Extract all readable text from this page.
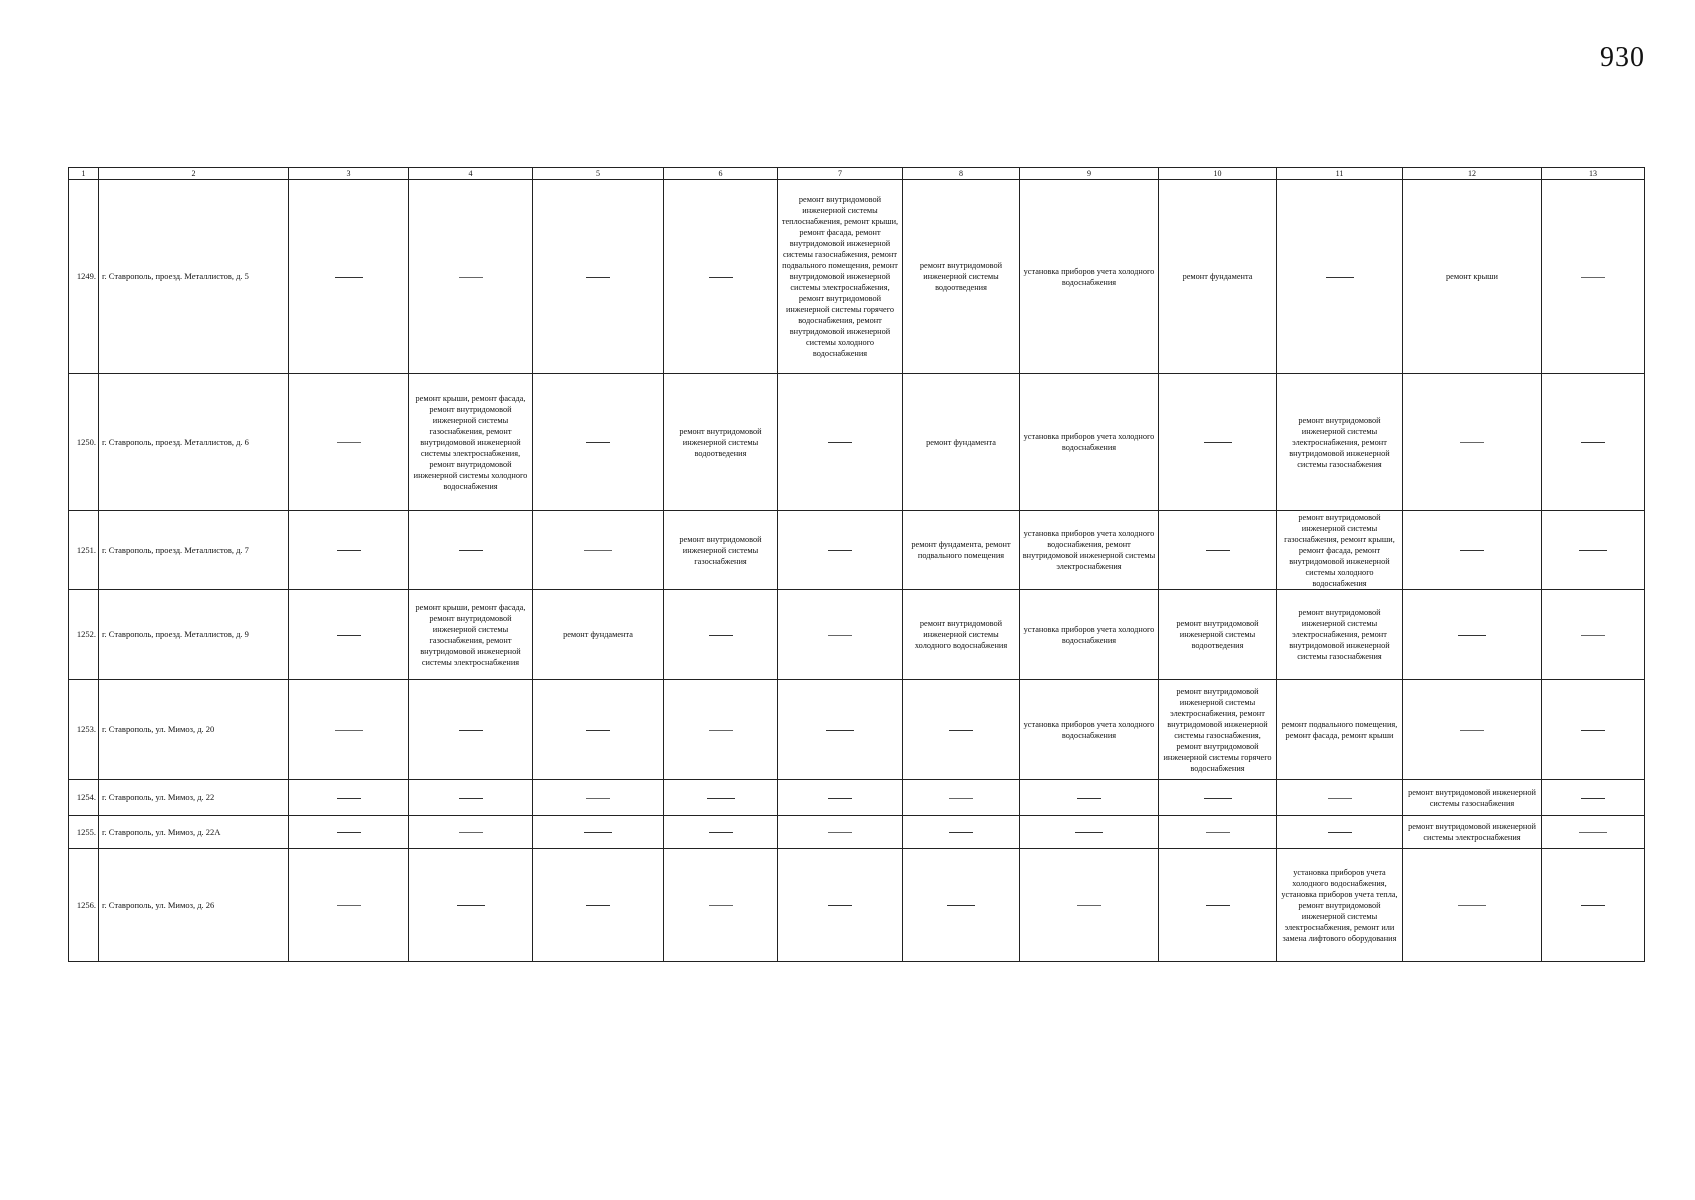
930
1	2	3	4	5	6	7	8	9	10	11	12	13
1249.	г. Ставрополь, проезд. Металлистов, д. 5					ремонт внутридомовой инженерной системы теплоснабжения, ремонт крыши, ремонт фасада, ремонт внутридомовой инженерной системы газоснабжения, ремонт подвального помещения, ремонт внутридомовой инженерной системы электроснабжения, ремонт внутридомовой инженерной системы горячего водоснабжения, ремонт внутридомовой инженерной системы холодного водоснабжения	ремонт внутридомовой инженерной системы водоотведения	установка приборов учета холодного водоснабжения	ремонт фундамента		ремонт крыши	

1250.	г. Ставрополь, проезд. Металлистов, д. 6		ремонт крыши, ремонт фасада, ремонт внутридомовой инженерной системы газоснабжения, ремонт внутридомовой инженерной системы электроснабжения, ремонт внутридомовой инженерной системы холодного водоснабжения		ремонт внутридомовой инженерной системы водоотведения		ремонт фундамента	установка приборов учета холодного водоснабжения		ремонт внутридомовой инженерной системы электроснабжения, ремонт внутридомовой инженерной системы газоснабжения		

1251.	г. Ставрополь, проезд. Металлистов, д. 7				ремонт внутридомовой инженерной системы газоснабжения		ремонт фундамента, ремонт подвального помещения	установка приборов учета холодного водоснабжения, ремонт внутридомовой инженерной системы электроснабжения		ремонт внутридомовой инженерной системы газоснабжения, ремонт крыши, ремонт фасада, ремонт внутридомовой инженерной системы холодного водоснабжения		

1252.	г. Ставрополь, проезд. Металлистов, д. 9		ремонт крыши, ремонт фасада, ремонт внутридомовой инженерной системы газоснабжения, ремонт внутридомовой инженерной системы электроснабжения	ремонт фундамента			ремонт внутридомовой инженерной системы холодного водоснабжения	установка приборов учета холодного водоснабжения	ремонт внутридомовой инженерной системы водоотведения	ремонт внутридомовой инженерной системы электроснабжения, ремонт внутридомовой инженерной системы газоснабжения		

1253.	г. Ставрополь, ул. Мимоз, д. 20							установка приборов учета холодного водоснабжения	ремонт внутридомовой инженерной системы электроснабжения, ремонт внутридомовой инженерной системы газоснабжения, ремонт внутридомовой инженерной системы горячего водоснабжения	ремонт подвального помещения, ремонт фасада, ремонт крыши		

1254.	г. Ставрополь, ул. Мимоз, д. 22										ремонт внутридомовой инженерной системы газоснабжения	

1255.	г. Ставрополь, ул. Мимоз, д. 22А										ремонт внутридомовой инженерной системы электроснабжения	

1256.	г. Ставрополь, ул. Мимоз, д. 26									установка приборов учета холодного водоснабжения, установка приборов учета тепла, ремонт внутридомовой инженерной системы электроснабжения, ремонт или замена лифтового оборудования		
